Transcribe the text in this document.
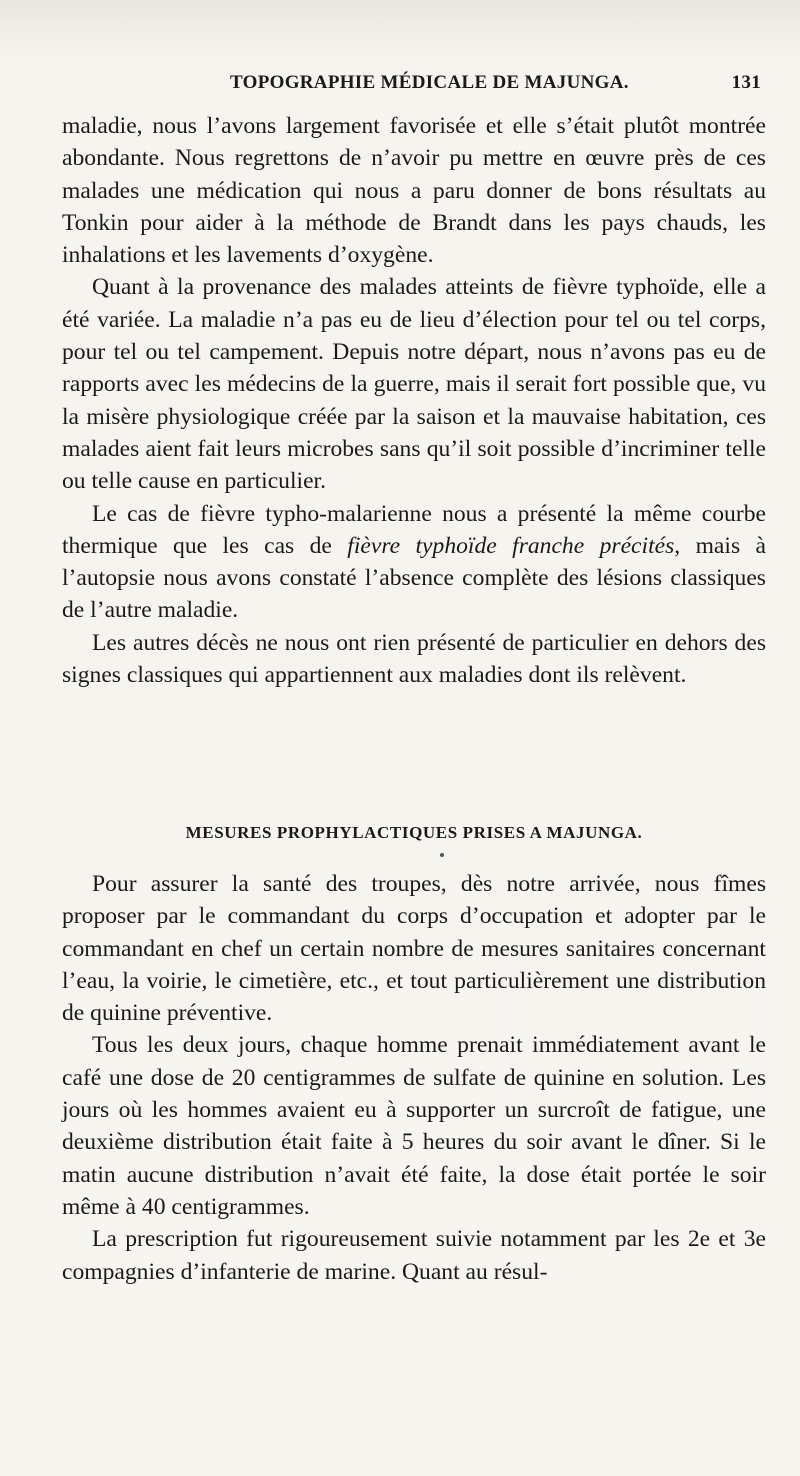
TOPOGRAPHIE MÉDICALE DE MAJUNGA.	131

maladie, nous l’avons largement favorisée et elle s’était plutôt montrée abondante. Nous regrettons de n’avoir pu mettre en œuvre près de ces malades une médication qui nous a paru donner de bons résultats au Tonkin pour aider à la méthode de Brandt dans les pays chauds, les inhalations et les lavements d’oxygène.

Quant à la provenance des malades atteints de fièvre typhoïde, elle a été variée. La maladie n’a pas eu de lieu d’élection pour tel ou tel corps, pour tel ou tel campement. Depuis notre départ, nous n’avons pas eu de rapports avec les médecins de la guerre, mais il serait fort possible que, vu la misère physiologique créée par la saison et la mauvaise habitation, ces malades aient fait leurs microbes sans qu’il soit possible d’incriminer telle ou telle cause en particulier.

Le cas de fièvre typho-malarienne nous a présenté la même courbe thermique que les cas de fièvre typhoïde franche précités, mais à l’autopsie nous avons constaté l’absence complète des lésions classiques de l’autre maladie.

Les autres décès ne nous ont rien présenté de particulier en dehors des signes classiques qui appartiennent aux maladies dont ils relèvent.

MESURES PROPHYLACTIQUES PRISES A MAJUNGA.

Pour assurer la santé des troupes, dès notre arrivée, nous fîmes proposer par le commandant du corps d’occupation et adopter par le commandant en chef un certain nombre de mesures sanitaires concernant l’eau, la voirie, le cimetière, etc., et tout particulièrement une distribution de quinine préventive.

Tous les deux jours, chaque homme prenait immédiatement avant le café une dose de 20 centigrammes de sulfate de quinine en solution. Les jours où les hommes avaient eu à supporter un surcroît de fatigue, une deuxième distribution était faite à 5 heures du soir avant le dîner. Si le matin aucune distribution n’avait été faite, la dose était portée le soir même à 40 centigrammes.

La prescription fut rigoureusement suivie notamment par les 2e et 3e compagnies d’infanterie de marine. Quant au résul-
